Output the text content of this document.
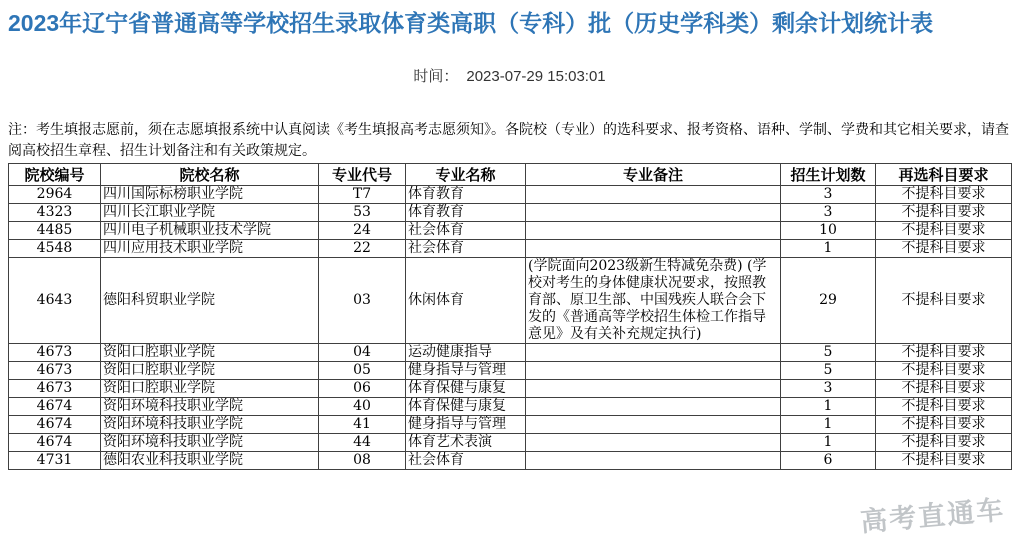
2023年辽宁省普通高等学校招生录取体育类高职（专科）批（历史学科类）剩余计划统计表
时间： 2023-07-29 15:03:01

注：考生填报志愿前，须在志愿填报系统中认真阅读《考生填报高考志愿须知》。各院校（专业）的选科要求、报考资格、语种、学制、学费和其它相关要求，请查阅高校招生章程、招生计划备注和有关政策规定。

院校编号	院校名称	专业代号	专业名称	专业备注	招生计划数	再选科目要求
2964	四川国际标榜职业学院	T7	体育教育		3	不提科目要求
4323	四川长江职业学院	53	体育教育		3	不提科目要求
4485	四川电子机械职业技术学院	24	社会体育		10	不提科目要求
4548	四川应用技术职业学院	22	社会体育		1	不提科目要求
4643	德阳科贸职业学院	03	休闲体育	(学院面向2023级新生特减免杂费) (学校对考生的身体健康状况要求，按照教育部、原卫生部、中国残疾人联合会下发的《普通高等学校招生体检工作指导意见》及有关补充规定执行)	29	不提科目要求
4673	资阳口腔职业学院	04	运动健康指导		5	不提科目要求
4673	资阳口腔职业学院	05	健身指导与管理		5	不提科目要求
4673	资阳口腔职业学院	06	体育保健与康复		3	不提科目要求
4674	资阳环境科技职业学院	40	体育保健与康复		1	不提科目要求
4674	资阳环境科技职业学院	41	健身指导与管理		1	不提科目要求
4674	资阳环境科技职业学院	44	体育艺术表演		1	不提科目要求
4731	德阳农业科技职业学院	08	社会体育		6	不提科目要求
高考直通车
